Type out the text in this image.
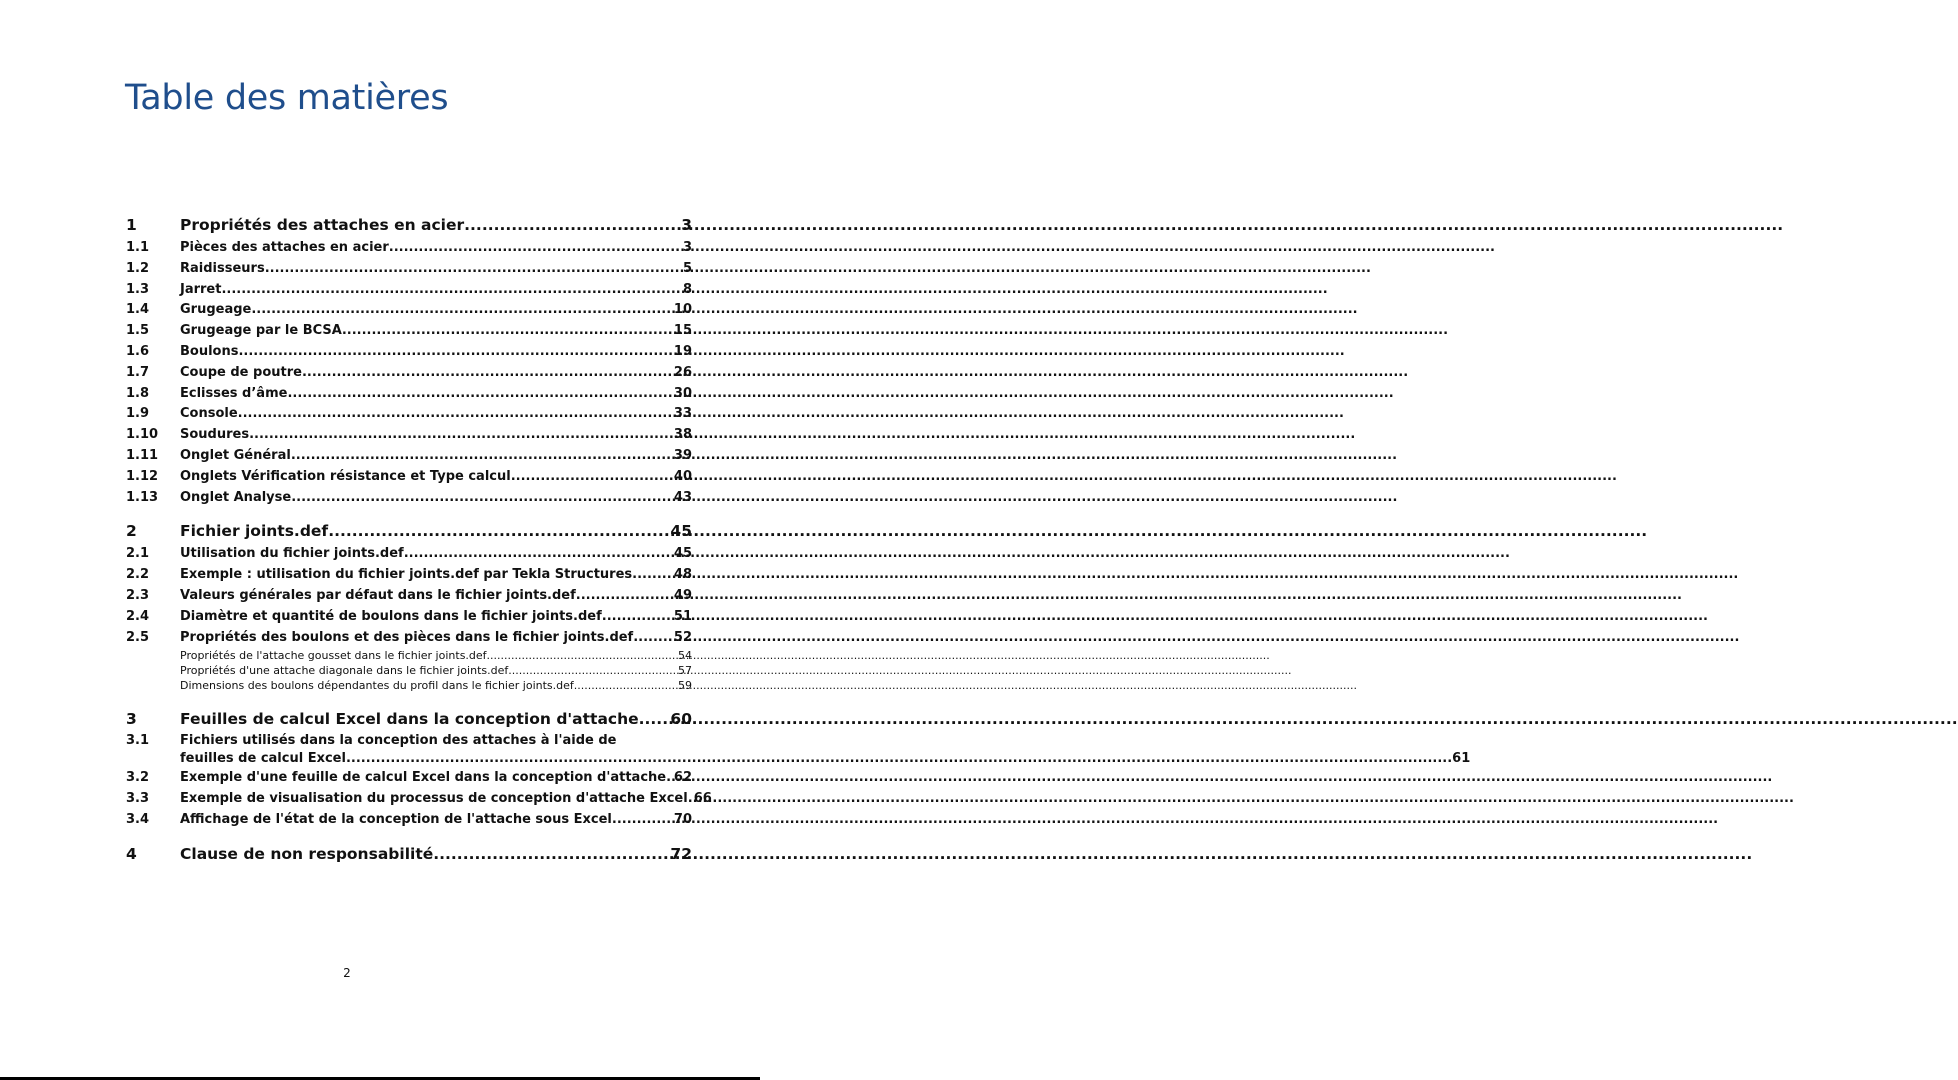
Table des matières
1	Propriétés des attaches en acier .....	3
1.1	Pièces des attaches en acier .....	3
1.2	Raidisseurs .....	5
1.3	Jarret .....	8
1.4	Grugeage .....	10
1.5	Grugeage par le BCSA .....	15
1.6	Boulons .....	19
1.7	Coupe de poutre .....	26
1.8	Eclisses d’âme .....	30
1.9	Console .....	33
1.10	Soudures .....	38
1.11	Onglet Général .....	39
1.12	Onglets Vérification résistance et Type calcul .....	40
1.13	Onglet Analyse .....	43
2	Fichier joints.def .....	45
2.1	Utilisation du fichier joints.def .....	45
2.2	Exemple : utilisation du fichier joints.def par Tekla Structures .....	48
2.3	Valeurs générales par défaut dans le fichier joints.def .....	49
2.4	Diamètre et quantité de boulons dans le fichier joints.def .....	51
2.5	Propriétés des boulons et des pièces dans le fichier joints.def .....	52
Propriétés de l'attache gousset dans le fichier joints.def .....	54
Propriétés d'une attache diagonale dans le fichier joints.def .....	57
Dimensions des boulons dépendantes du profil dans le fichier joints.def .....	59
3	Feuilles de calcul Excel dans la conception d'attache ..... 60
3.1	Fichiers utilisés dans la conception des attaches à l'aide de
feuilles de calcul Excel .....	61
3.2	Exemple d'une feuille de calcul Excel dans la conception d'attache ..... 62
3.3	Exemple de visualisation du processus de conception d'attache Excel ..... 66
3.4	Affichage de l'état de la conception de l'attache sous Excel .....	70
4	Clause de non responsabilité .....	72
2
